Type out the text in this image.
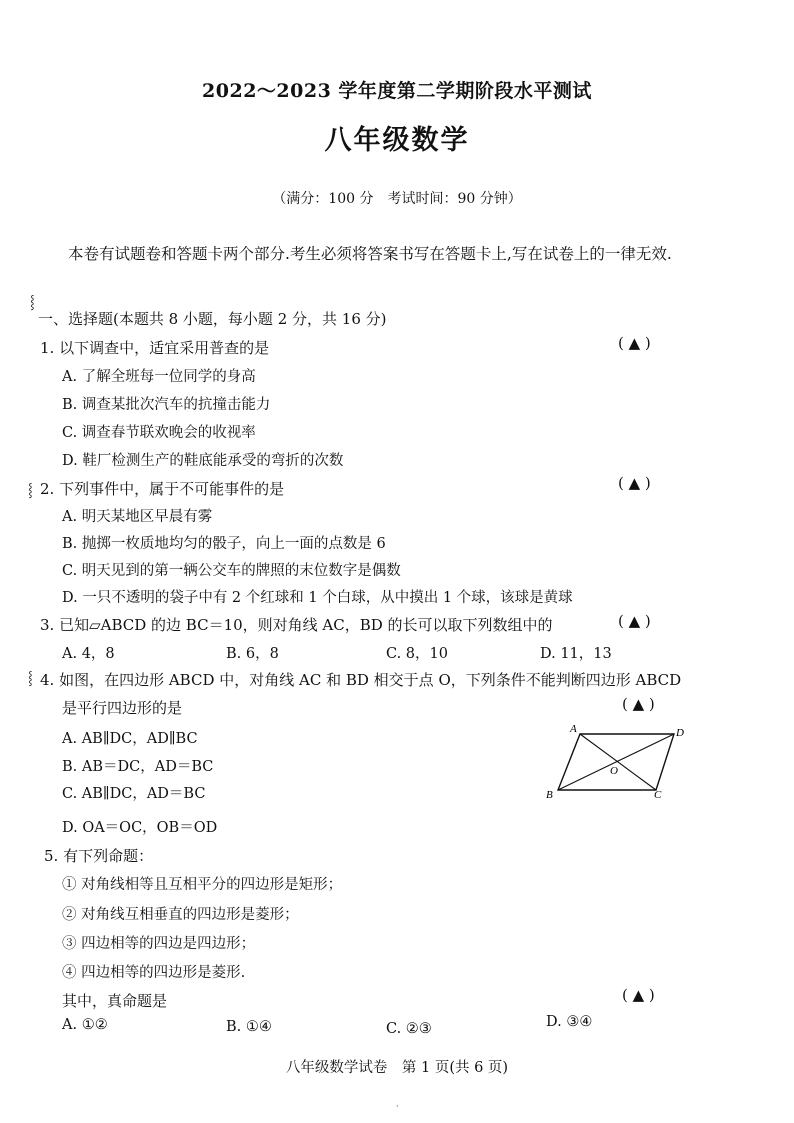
2022～2023 学年度第二学期阶段水平测试
八年级数学
（满分：100 分　考试时间：90 分钟）
本卷有试题卷和答题卡两个部分.考生必须将答案书写在答题卡上,写在试卷上的一律无效.
一、选择题(本题共 8 小题，每小题 2 分，共 16 分)
⸾
⸾
⸾
1. 以下调查中，适宜采用普查的是	( ▲ )
A. 了解全班每一位同学的身高
B. 调查某批次汽车的抗撞击能力
C. 调查春节联欢晚会的收视率
D. 鞋厂检测生产的鞋底能承受的弯折的次数
2. 下列事件中，属于不可能事件的是	( ▲ )
A. 明天某地区早晨有雾
B. 抛掷一枚质地均匀的骰子，向上一面的点数是 6
C. 明天见到的第一辆公交车的牌照的末位数字是偶数
D. 一只不透明的袋子中有 2 个红球和 1 个白球，从中摸出 1 个球，该球是黄球
3. 已知▱ABCD 的边 BC＝10，则对角线 AC，BD 的长可以取下列数组中的	( ▲ )
A. 4，8	B. 6，8	C. 8，10	D. 11，13
4. 如图，在四边形 ABCD 中，对角线 AC 和 BD 相交于点 O，下列条件不能判断四边形 ABCD
是平行四边形的是	( ▲ )
A. AB∥DC，AD∥BC
B. AB＝DC，AD＝BC
C. AB∥DC，AD＝BC
D. OA＝OC，OB＝OD
A	D
B	C
O
5. 有下列命题：
① 对角线相等且互相平分的四边形是矩形；
② 对角线互相垂直的四边形是菱形；
③ 四边相等的四边是四边形；
④ 四边相等的四边形是菱形.
其中，真命题是	( ▲ )
A. ①②	B. ①④	C. ②③	D. ③④
八年级数学试卷　第 1 页(共 6 页)
·
